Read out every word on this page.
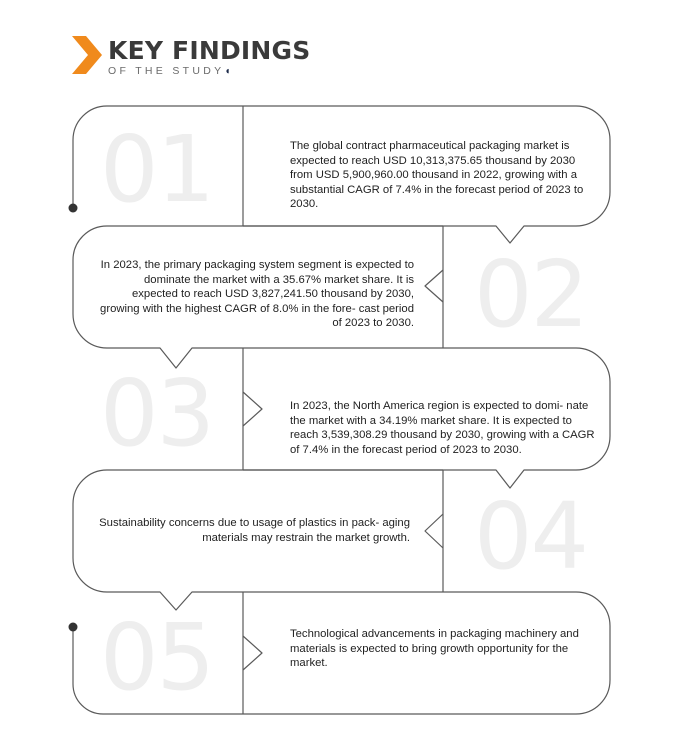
KEY FINDINGS
OF THE STUDY◖
01	The global contract pharmaceutical packaging market is expected to reach USD 10,313,375.65 thousand by 2030 from USD 5,900,960.00 thousand in 2022, growing with a substantial CAGR of 7.4% in the forecast period of 2023 to 2030.
02
In 2023, the primary packaging system segment is expected to dominate the market with a 35.67% market share. It is expected to reach USD 3,827,241.50 thousand by 2030, growing with the highest CAGR of 8.0% in the fore- cast period of 2023 to 2030.
03	In 2023, the North America region is expected to domi- nate the market with a 34.19% market share. It is expected to reach 3,539,308.29 thousand by 2030, growing with a CAGR of 7.4% in the forecast period of 2023 to 2030.
04
Sustainability concerns due to usage of plastics in pack- aging materials may restrain the market growth.
05	Technological advancements in packaging machinery and materials is expected to bring growth opportunity for the market.
